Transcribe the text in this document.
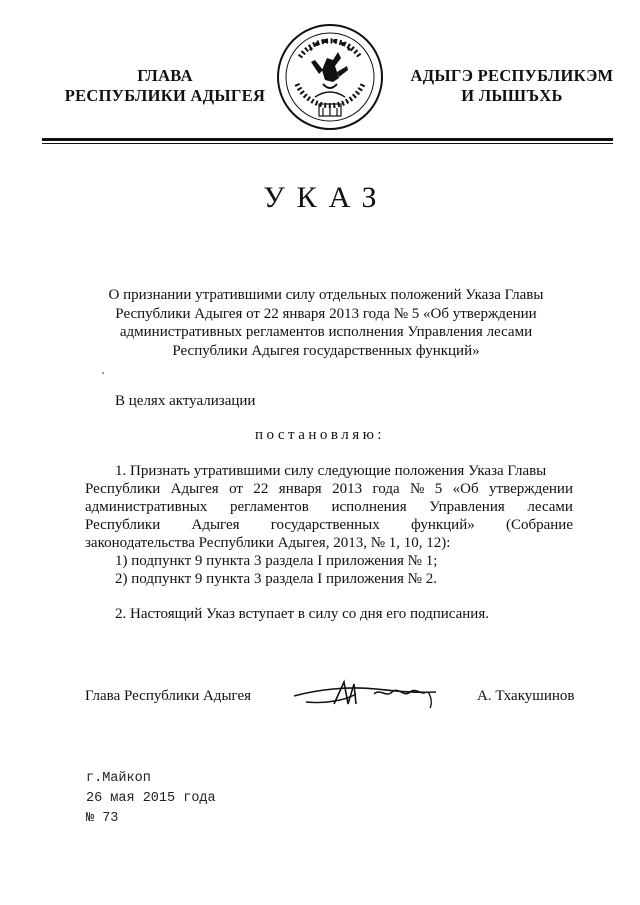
ГЛАВА
РЕСПУБЛИКИ АДЫГЕЯ
АДЫГЭ РЕСПУБЛИКЭМ
И ЛЫШЪХЬ
УКАЗ
О признании утратившими силу отдельных положений Указа Главы
Республики Адыгея от 22 января 2013 года № 5 «Об утверждении
административных регламентов исполнения Управления лесами
Республики Адыгея государственных функций»
В целях актуализации
постановляю:
1. Признать утратившими силу следующие положения Указа Главы
Республики Адыгея от 22 января 2013 года № 5 «Об утверждении
административных регламентов исполнения Управления лесами
Республики Адыгея государственных функций» (Собрание
законодательства Республики Адыгея, 2013, № 1, 10, 12):
1) подпункт 9 пункта 3 раздела I приложения № 1;
2) подпункт 9 пункта 3 раздела I приложения № 2.
2. Настоящий Указ вступает в силу со дня его подписания.
Глава Республики Адыгея	А. Тхакушинов
г.Майкоп
26 мая 2015 года
№ 73
